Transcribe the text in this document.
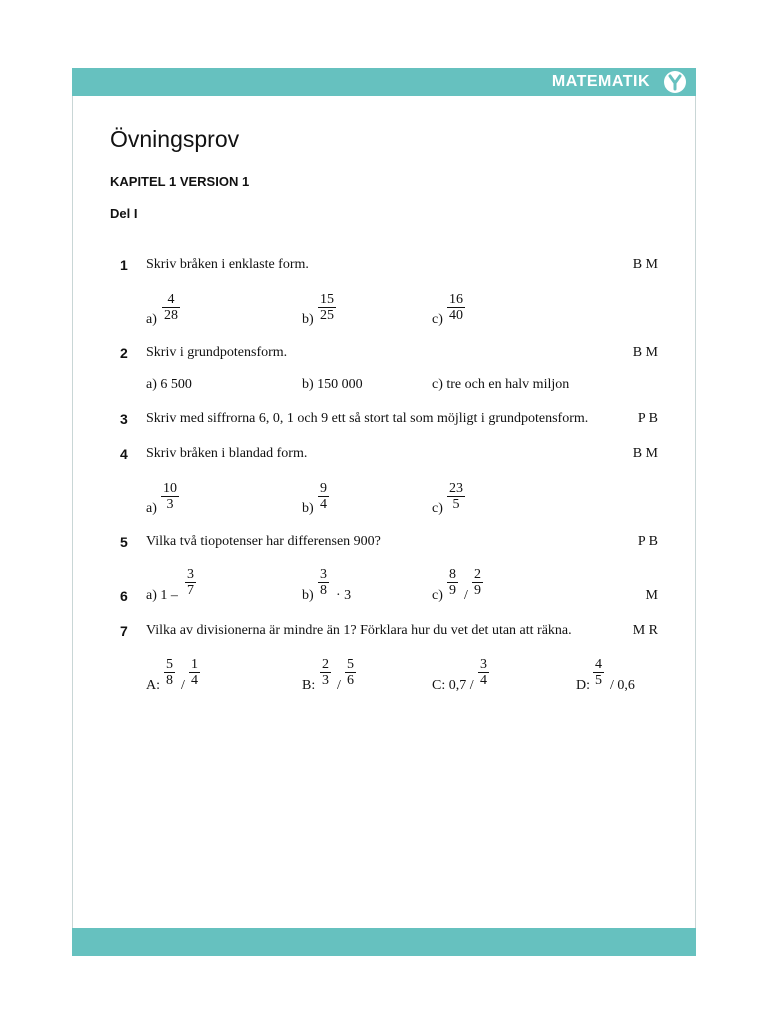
MATEMATIK
Övningsprov
KAPITEL 1 VERSION 1
Del I
1 Skriv bråken i enklaste form.	B M
$a) \frac{4}{28}$	$b) \frac{15}{25}$	$c) \frac{16}{40}$
2 Skriv i grundpotensform.	B M
a) 6 500	b) 150 000	c) tre och en halv miljon
3 Skriv med siffrorna 6, 0, 1 och 9 ett så stort tal som möjligt i grundpotensform.	P B
4 Skriv bråken i blandad form.	B M
$a) \frac{10}{3}$	$b) \frac{9}{4}$	$c) \frac{23}{5}$
5 Vilka två tiopotenser har differensen 900?	P B
6	M
a) $1 - \frac{3}{7}$	$b) \frac{3}{8} \cdot 3$	$c) \frac{8}{9} / \frac{2}{9}$
7 Vilka av divisionerna är mindre än 1? Förklara hur du vet det utan att räkna.	M R
A: $\frac{5}{8} / \frac{1}{4}$	B: $\frac{2}{3} / \frac{5}{6}$	C: $0,7 / \frac{3}{4}$	D: $\frac{4}{5} / 0,6$
